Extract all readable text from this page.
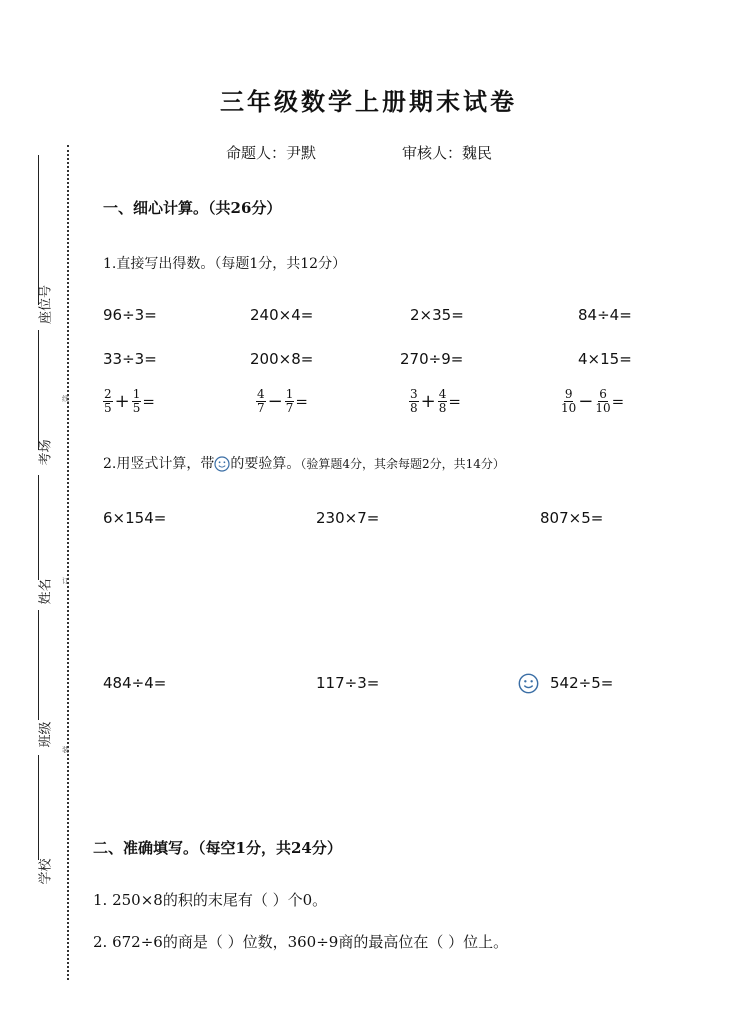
三年级数学上册期末试卷
命题人：尹默	审核人：魏民
座位号
考场
姓名
班级
学校
线
订
装
一、细心计算。（共26分）
1.直接写出得数。（每题1分，共12分）
96÷3=	240×4=	2×35=	84÷4=
33÷3=	200×8=	270÷9=	4×15=
$\frac{2}{5} + \frac{1}{5}$ =	$\frac{4}{7} - \frac{1}{7}$ =	$\frac{3}{8} + \frac{4}{8}$ =	$\frac{9}{10} - \frac{6}{10}$ =
2.用竖式计算，带 的要验算。（验算题4分，其余每题2分，共14分）
6×154=	230×7=	807×5=
484÷4=	117÷3=	542÷5=
二、准确填写。（每空1分，共24分）
1. 250×8的积的末尾有（ ）个0。
2. 672÷6的商是（ ）位数，360÷9商的最高位在（ ）位上。
